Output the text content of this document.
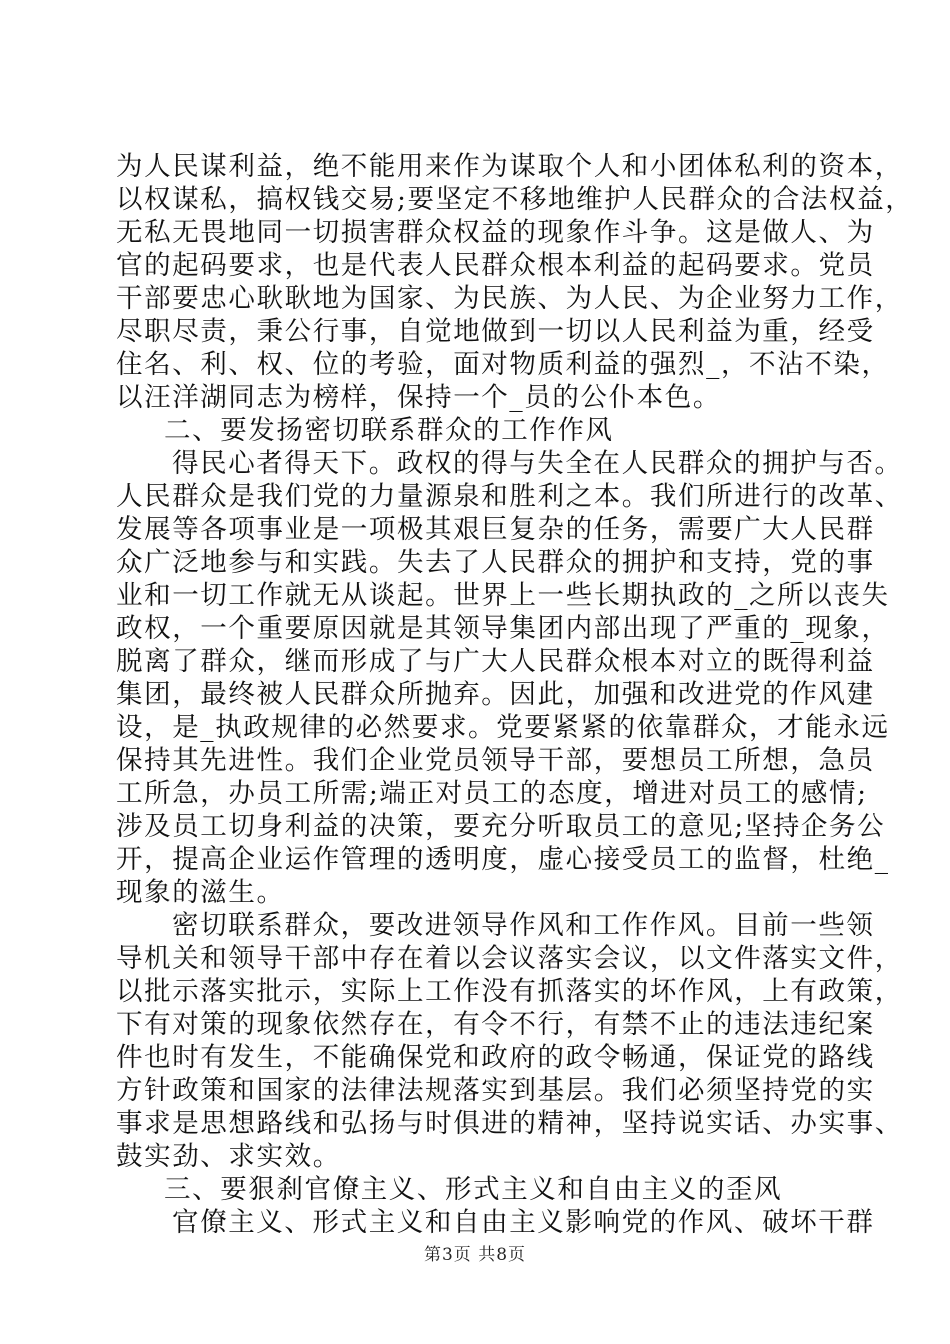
为人民谋利益，绝不能用来作为谋取个人和小团体私利的资本，
以权谋私，搞权钱交易;要坚定不移地维护人民群众的合法权益，
无私无畏地同一切损害群众权益的现象作斗争。这是做人、为
官的起码要求，也是代表人民群众根本利益的起码要求。党员
干部要忠心耿耿地为国家、为民族、为人民、为企业努力工作，
尽职尽责，秉公行事，自觉地做到一切以人民利益为重，经受
住名、利、权、位的考验，面对物质利益的强烈_，不沾不染，
以汪洋湖同志为榜样，保持一个_员的公仆本色。
二、要发扬密切联系群众的工作作风
得民心者得天下。政权的得与失全在人民群众的拥护与否。
人民群众是我们党的力量源泉和胜利之本。我们所进行的改革、
发展等各项事业是一项极其艰巨复杂的任务，需要广大人民群
众广泛地参与和实践。失去了人民群众的拥护和支持，党的事
业和一切工作就无从谈起。世界上一些长期执政的_之所以丧失
政权，一个重要原因就是其领导集团内部出现了严重的_现象，
脱离了群众，继而形成了与广大人民群众根本对立的既得利益
集团，最终被人民群众所抛弃。因此，加强和改进党的作风建
设，是_执政规律的必然要求。党要紧紧的依靠群众，才能永远
保持其先进性。我们企业党员领导干部，要想员工所想，急员
工所急，办员工所需;端正对员工的态度，增进对员工的感情;
涉及员工切身利益的决策，要充分听取员工的意见;坚持企务公
开，提高企业运作管理的透明度，虚心接受员工的监督，杜绝_
现象的滋生。
密切联系群众，要改进领导作风和工作作风。目前一些领
导机关和领导干部中存在着以会议落实会议，以文件落实文件，
以批示落实批示，实际上工作没有抓落实的坏作风，上有政策，
下有对策的现象依然存在，有令不行，有禁不止的违法违纪案
件也时有发生，不能确保党和政府的政令畅通，保证党的路线
方针政策和国家的法律法规落实到基层。我们必须坚持党的实
事求是思想路线和弘扬与时俱进的精神，坚持说实话、办实事、
鼓实劲、求实效。
三、要狠刹官僚主义、形式主义和自由主义的歪风
官僚主义、形式主义和自由主义影响党的作风、破坏干群
第3页 共8页
